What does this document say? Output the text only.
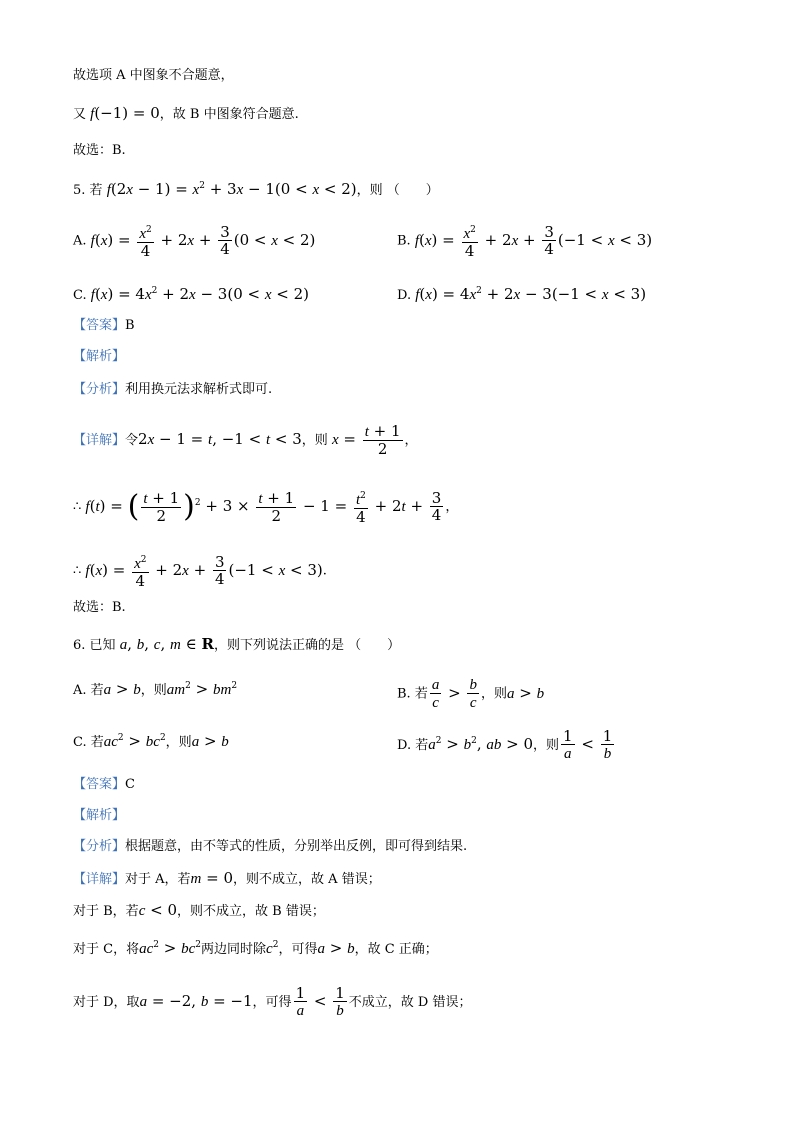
故选项 A 中图象不合题意，
又 f(−1) = 0，故 B 中图象符合题意.
故选：B.
5. 若 $f(2x - 1) = x^2 + 3x - 1(0 < x < 2)$，则 （　　）
A. $f(x) = \frac{x^2}{4} + 2x + \frac{3}{4} (0 < x < 2)$	B. $f(x) = \frac{x^2}{4} + 2x + \frac{3}{4} (-1 < x < 3)$
C. $f(x) = 4x^2 + 2x - 3(0 < x < 2)$	D. $f(x) = 4x^2 + 2x - 3(-1 < x < 3)$
【答案】B
【解析】
【分析】利用换元法求解析式即可.
【详解】令2x − 1 = t, −1 < t < 3，则 $x = \frac{t + 1}{2}$ ，
∴ f(t) = ( $\frac{t + 1}{2} )^2 + 3 \times \frac{t + 1}{2} - 1 = \frac{t^2}{4} + 2t + \frac{3}{4}$ ，
∴ $f(x) = \frac{x^2}{4} + 2x + \frac{3}{4} (-1 < x < 3)$.
故选：B.
6. 已知 a, b, c, m ∈ R，则下列说法正确的是 （　　）
A. 若a > b，则$am^2 > bm^2$
B. 若 $\frac{a}{c} > \frac{b}{c}$ ，则a > b
C. 若$ac^2 > bc^2$，则a > b	D. 若$a^2 > b^2$, ab > 0，则 $\frac{1}{a} < \frac{1}{b}$
【答案】C
【解析】
【分析】根据题意，由不等式的性质，分别举出反例，即可得到结果.
【详解】对于 A，若m = 0，则不成立，故 A 错误；
对于 B，若c < 0，则不成立，故 B 错误；
对于 C，将$ac^2 > bc^2$两边同时除$c^2$，可得a > b，故 C 正确；
对于 D，取a = −2, b = −1，可得 $\frac{1}{a} < \frac{1}{b}$ 不成立，故 D 错误；
